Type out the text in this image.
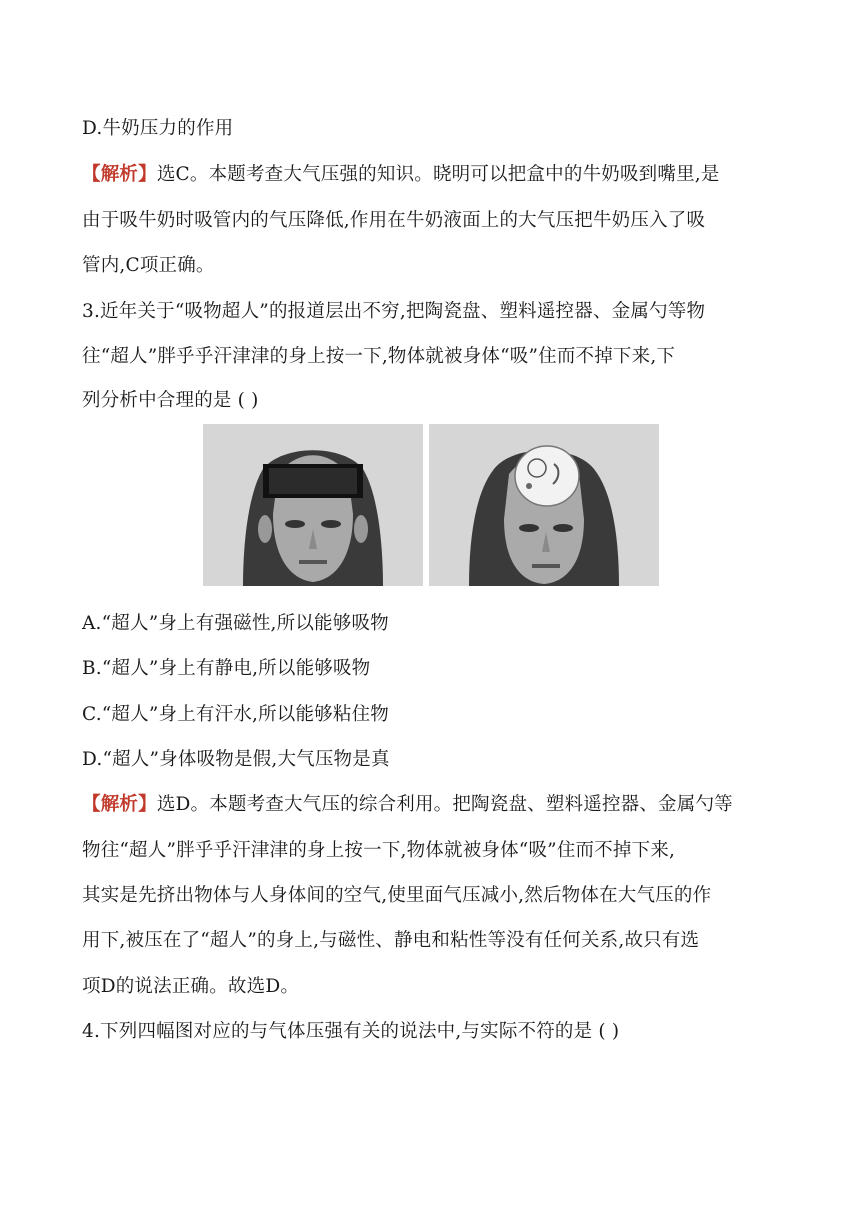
D.牛奶压力的作用
【解析】选C。本题考查大气压强的知识。晓明可以把盒中的牛奶吸到嘴里,是
由于吸牛奶时吸管内的气压降低,作用在牛奶液面上的大气压把牛奶压入了吸
管内,C项正确。
3.近年关于“吸物超人”的报道层出不穷,把陶瓷盘、塑料遥控器、金属勺等物
往“超人”胖乎乎汗津津的身上按一下,物体就被身体“吸”住而不掉下来,下
列分析中合理的是 ( )
A.“超人”身上有强磁性,所以能够吸物
B.“超人”身上有静电,所以能够吸物
C.“超人”身上有汗水,所以能够粘住物
D.“超人”身体吸物是假,大气压物是真
【解析】选D。本题考查大气压的综合利用。把陶瓷盘、塑料遥控器、金属勺等
物往“超人”胖乎乎汗津津的身上按一下,物体就被身体“吸”住而不掉下来,
其实是先挤出物体与人身体间的空气,使里面气压减小,然后物体在大气压的作
用下,被压在了“超人”的身上,与磁性、静电和粘性等没有任何关系,故只有选
项D的说法正确。故选D。
4.下列四幅图对应的与气体压强有关的说法中,与实际不符的是 ( )
